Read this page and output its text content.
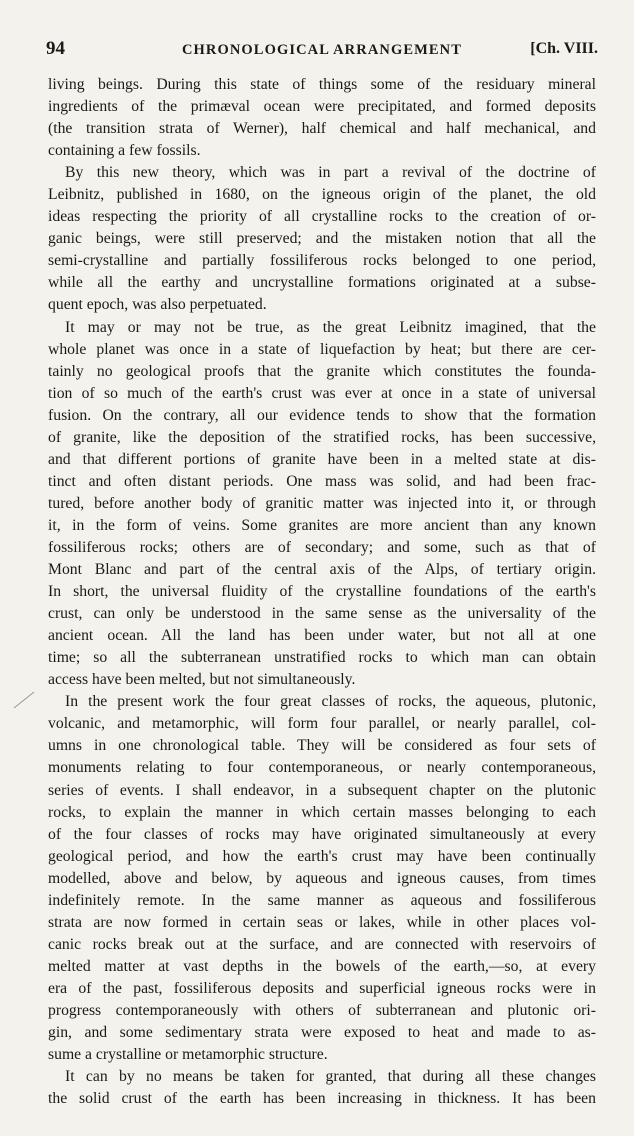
94	CHRONOLOGICAL ARRANGEMENT	[Ch. VIII.
living beings. During this state of things some of the residuary mineral
ingredients of the primæval ocean were precipitated, and formed deposits
(the transition strata of Werner), half chemical and half mechanical, and
containing a few fossils.
By this new theory, which was in part a revival of the doctrine of
Leibnitz, published in 1680, on the igneous origin of the planet, the old
ideas respecting the priority of all crystalline rocks to the creation of or-
ganic beings, were still preserved; and the mistaken notion that all the
semi-crystalline and partially fossiliferous rocks belonged to one period,
while all the earthy and uncrystalline formations originated at a subse-
quent epoch, was also perpetuated.
It may or may not be true, as the great Leibnitz imagined, that the
whole planet was once in a state of liquefaction by heat; but there are cer-
tainly no geological proofs that the granite which constitutes the founda-
tion of so much of the earth's crust was ever at once in a state of universal
fusion. On the contrary, all our evidence tends to show that the formation
of granite, like the deposition of the stratified rocks, has been successive,
and that different portions of granite have been in a melted state at dis-
tinct and often distant periods. One mass was solid, and had been frac-
tured, before another body of granitic matter was injected into it, or through
it, in the form of veins. Some granites are more ancient than any known
fossiliferous rocks; others are of secondary; and some, such as that of
Mont Blanc and part of the central axis of the Alps, of tertiary origin.
In short, the universal fluidity of the crystalline foundations of the earth's
crust, can only be understood in the same sense as the universality of the
ancient ocean. All the land has been under water, but not all at one
time; so all the subterranean unstratified rocks to which man can obtain
access have been melted, but not simultaneously.
In the present work the four great classes of rocks, the aqueous, plutonic,
volcanic, and metamorphic, will form four parallel, or nearly parallel, col-
umns in one chronological table. They will be considered as four sets of
monuments relating to four contemporaneous, or nearly contemporaneous,
series of events. I shall endeavor, in a subsequent chapter on the plutonic
rocks, to explain the manner in which certain masses belonging to each
of the four classes of rocks may have originated simultaneously at every
geological period, and how the earth's crust may have been continually
modelled, above and below, by aqueous and igneous causes, from times
indefinitely remote. In the same manner as aqueous and fossiliferous
strata are now formed in certain seas or lakes, while in other places vol-
canic rocks break out at the surface, and are connected with reservoirs of
melted matter at vast depths in the bowels of the earth,—so, at every
era of the past, fossiliferous deposits and superficial igneous rocks were in
progress contemporaneously with others of subterranean and plutonic ori-
gin, and some sedimentary strata were exposed to heat and made to as-
sume a crystalline or metamorphic structure.
It can by no means be taken for granted, that during all these changes
the solid crust of the earth has been increasing in thickness. It has been
